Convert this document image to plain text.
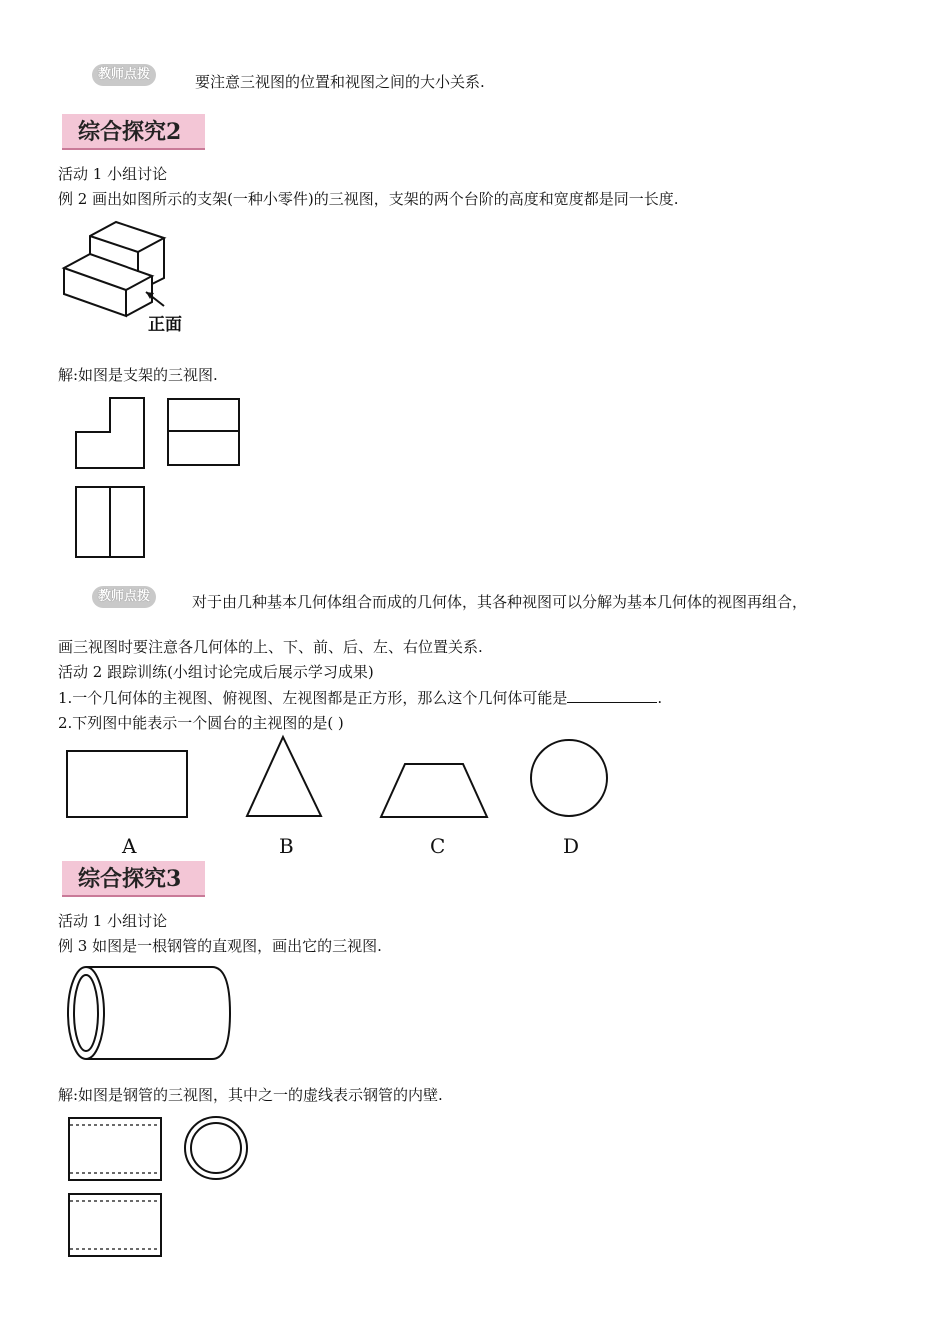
教师点拨	要注意三视图的位置和视图之间的大小关系.
综合探究2
活动 1 小组讨论
例 2 画出如图所示的支架(一种小零件)的三视图，支架的两个台阶的高度和宽度都是同一长度.
正面
解:如图是支架的三视图.
教师点拨	对于由几种基本几何体组合而成的几何体，其各种视图可以分解为基本几何体的视图再组合，
画三视图时要注意各几何体的上、下、前、后、左、右位置关系.
活动 2 跟踪训练(小组讨论完成后展示学习成果)
1.一个几何体的主视图、俯视图、左视图都是正方形，那么这个几何体可能是	.
2.下列图中能表示一个圆台的主视图的是( )
A	B	C	D
综合探究3
活动 1 小组讨论
例 3 如图是一根钢管的直观图，画出它的三视图.
解:如图是钢管的三视图，其中之一的虚线表示钢管的内壁.
